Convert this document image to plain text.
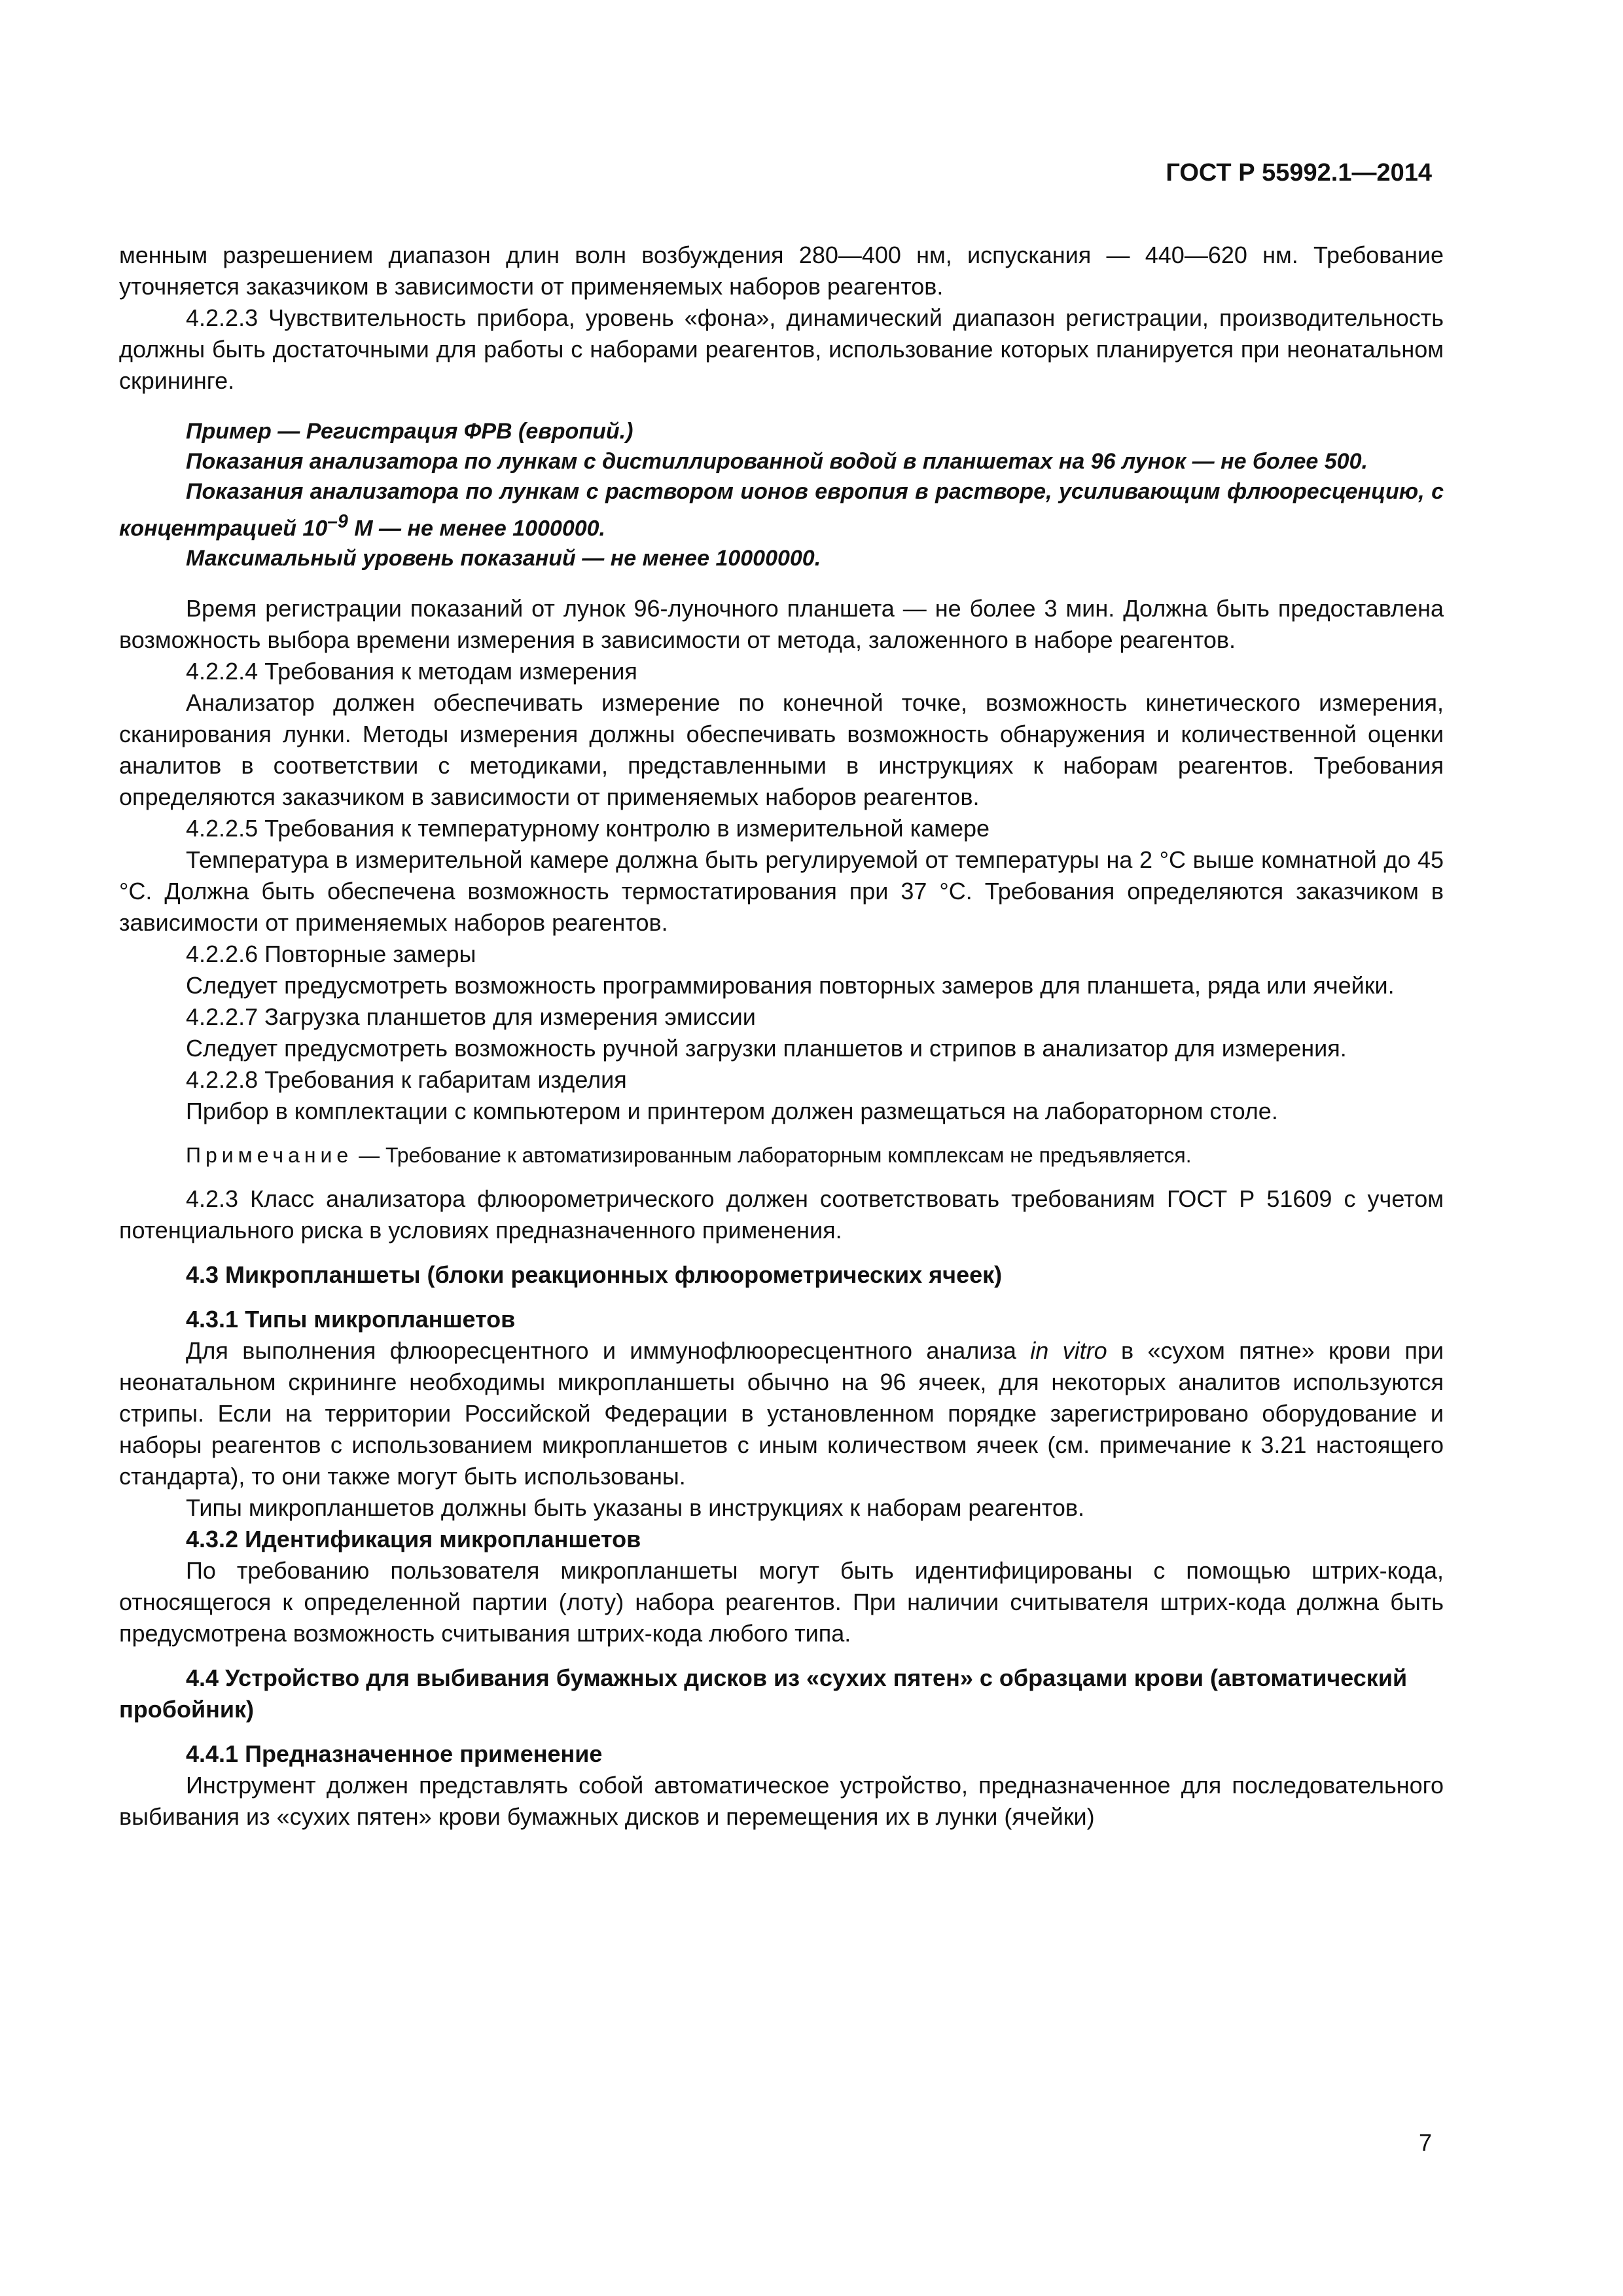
ГОСТ Р 55992.1—2014

менным разрешением диапазон длин волн возбуждения 280—400 нм, испускания — 440—620 нм. Требование уточняется заказчиком в зависимости от применяемых наборов реагентов.

4.2.2.3 Чувствительность прибора, уровень «фона», динамический диапазон регистрации, производительность должны быть достаточными для работы с наборами реагентов, использование которых планируется при неонатальном скрининге.

Пример — Регистрация ФРВ (европий.)

Показания анализатора по лункам с дистиллированной водой в планшетах на 96 лунок — не более 500.

Показания анализатора по лункам с раствором ионов европия в растворе, усиливающим флюоресценцию, с концентрацией $10^{-9}$ М — не менее 1000000.

Максимальный уровень показаний — не менее 10000000.

Время регистрации показаний от лунок 96-луночного планшета — не более 3 мин. Должна быть предоставлена возможность выбора времени измерения в зависимости от метода, заложенного в наборе реагентов.

4.2.2.4 Требования к методам измерения

Анализатор должен обеспечивать измерение по конечной точке, возможность кинетического измерения, сканирования лунки. Методы измерения должны обеспечивать возможность обнаружения и количественной оценки аналитов в соответствии с методиками, представленными в инструкциях к наборам реагентов. Требования определяются заказчиком в зависимости от применяемых наборов реагентов.

4.2.2.5 Требования к температурному контролю в измерительной камере

Температура в измерительной камере должна быть регулируемой от температуры на 2 °С выше комнатной до 45 °С. Должна быть обеспечена возможность термостатирования при 37 °С. Требования определяются заказчиком в зависимости от применяемых наборов реагентов.

4.2.2.6 Повторные замеры

Следует предусмотреть возможность программирования повторных замеров для планшета, ряда или ячейки.

4.2.2.7 Загрузка планшетов для измерения эмиссии

Следует предусмотреть возможность ручной загрузки планшетов и стрипов в анализатор для измерения.

4.2.2.8 Требования к габаритам изделия

Прибор в комплектации с компьютером и принтером должен размещаться на лабораторном столе.

Примечание — Требование к автоматизированным лабораторным комплексам не предъявляется.

4.2.3 Класс анализатора флюорометрического должен соответствовать требованиям ГОСТ Р 51609 с учетом потенциального риска в условиях предназначенного применения.

4.3 Микропланшеты (блоки реакционных флюорометрических ячеек)

4.3.1 Типы микропланшетов

Для выполнения флюоресцентного и иммунофлюоресцентного анализа in vitro в «сухом пятне» крови при неонатальном скрининге необходимы микропланшеты обычно на 96 ячеек, для некоторых аналитов используются стрипы. Если на территории Российской Федерации в установленном порядке зарегистрировано оборудование и наборы реагентов с использованием микропланшетов с иным количеством ячеек (см. примечание к 3.21 настоящего стандарта), то они также могут быть использованы.

Типы микропланшетов должны быть указаны в инструкциях к наборам реагентов.

4.3.2 Идентификация микропланшетов

По требованию пользователя микропланшеты могут быть идентифицированы с помощью штрих-кода, относящегося к определенной партии (лоту) набора реагентов. При наличии считывателя штрих-кода должна быть предусмотрена возможность считывания штрих-кода любого типа.

4.4 Устройство для выбивания бумажных дисков из «сухих пятен» с образцами крови (автоматический пробойник)

4.4.1 Предназначенное применение

Инструмент должен представлять собой автоматическое устройство, предназначенное для последовательного выбивания из «сухих пятен» крови бумажных дисков и перемещения их в лунки (ячейки)

7
